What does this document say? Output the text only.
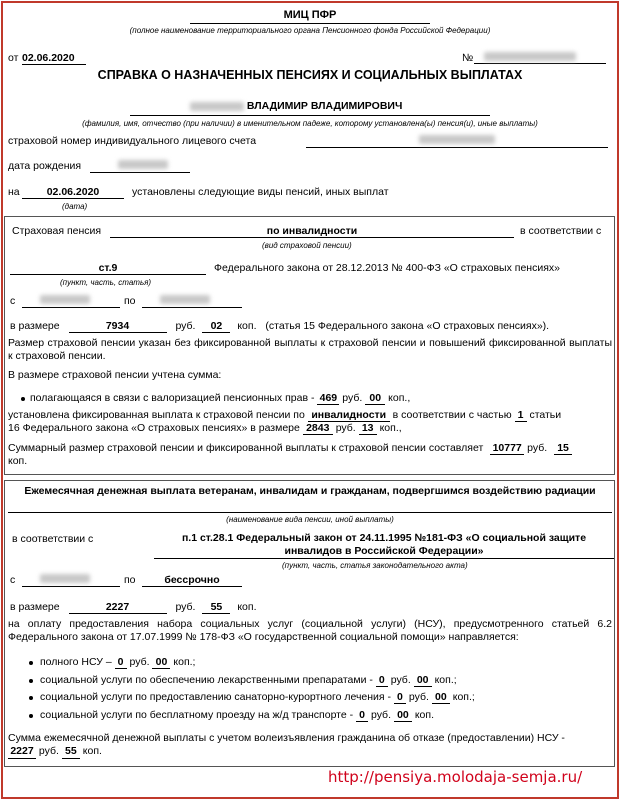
МИЦ ПФР
(полное наименование территориального органа Пенсионного фонда Российской Федерации)
от 02.06.2020	№
СПРАВКА О НАЗНАЧЕННЫХ ПЕНСИЯХ И СОЦИАЛЬНЫХ ВЫПЛАТАХ
ВЛАДИМИР ВЛАДИМИРОВИЧ
(фамилия, имя, отчество (при наличии) в именительном падеже, которому установлена(ы) пенсия(и), иные выплаты)
страховой номер индивидуального лицевого счета
дата рождения
на	02.06.2020	установлены следующие виды пенсий, иных выплат
(дата)
Страховая пенсия	по инвалидности	в соответствии с
(вид страховой пенсии)
ст.9	Федерального закона от 28.12.2013 № 400-ФЗ «О страховых пенсиях»
(пункт, часть, статья)
с	по
в размере	7934	руб. 02 коп. (статья 15 Федерального закона «О страховых пенсиях»).
Размер страховой пенсии указан без фиксированной выплаты к страховой пенсии и повышений фиксированной выплаты к страховой пенсии.
В размере страховой пенсии учтена сумма:
полагающаяся в связи с валоризацией пенсионных прав - 469 руб. 00 коп.,
установлена фиксированная выплата к страховой пенсии по инвалидности в соответствии с частью 1 статьи
16 Федерального закона «О страховых пенсиях» в размере 2843 руб. 13 коп.,
Суммарный размер страховой пенсии и фиксированной выплаты к страховой пенсии составляет 10777 руб. 15
коп.
Ежемесячная денежная выплата ветеранам, инвалидам и гражданам, подвергшимся воздействию радиации
(наименование вида пенсии, иной выплаты)
в соответствии с	п.1 ст.28.1 Федеральный закон от 24.11.1995 №181-ФЗ «О социальной защите инвалидов в Российской Федерации»
(пункт, часть, статья законодательного акта)
с	по	бессрочно
в размере	2227	руб. 55 коп.
на оплату предоставления набора социальных услуг (социальной услуги) (НСУ), предусмотренного статьей 6.2 Федерального закона от 17.07.1999 № 178-ФЗ «О государственной социальной помощи» направляется:
полного НСУ – 0 руб. 00 коп.;
социальной услуги по обеспечению лекарственными препаратами - 0 руб. 00 коп.;
социальной услуги по предоставлению санаторно-курортного лечения - 0 руб. 00 коп.;
социальной услуги по бесплатному проезду на ж/д транспорте - 0 руб. 00 коп.
Сумма ежемесячной денежной выплаты с учетом волеизъявления гражданина об отказе (предоставлении) НСУ -
2227 руб. 55 коп.
http://pensiya.molodaja-semja.ru/
